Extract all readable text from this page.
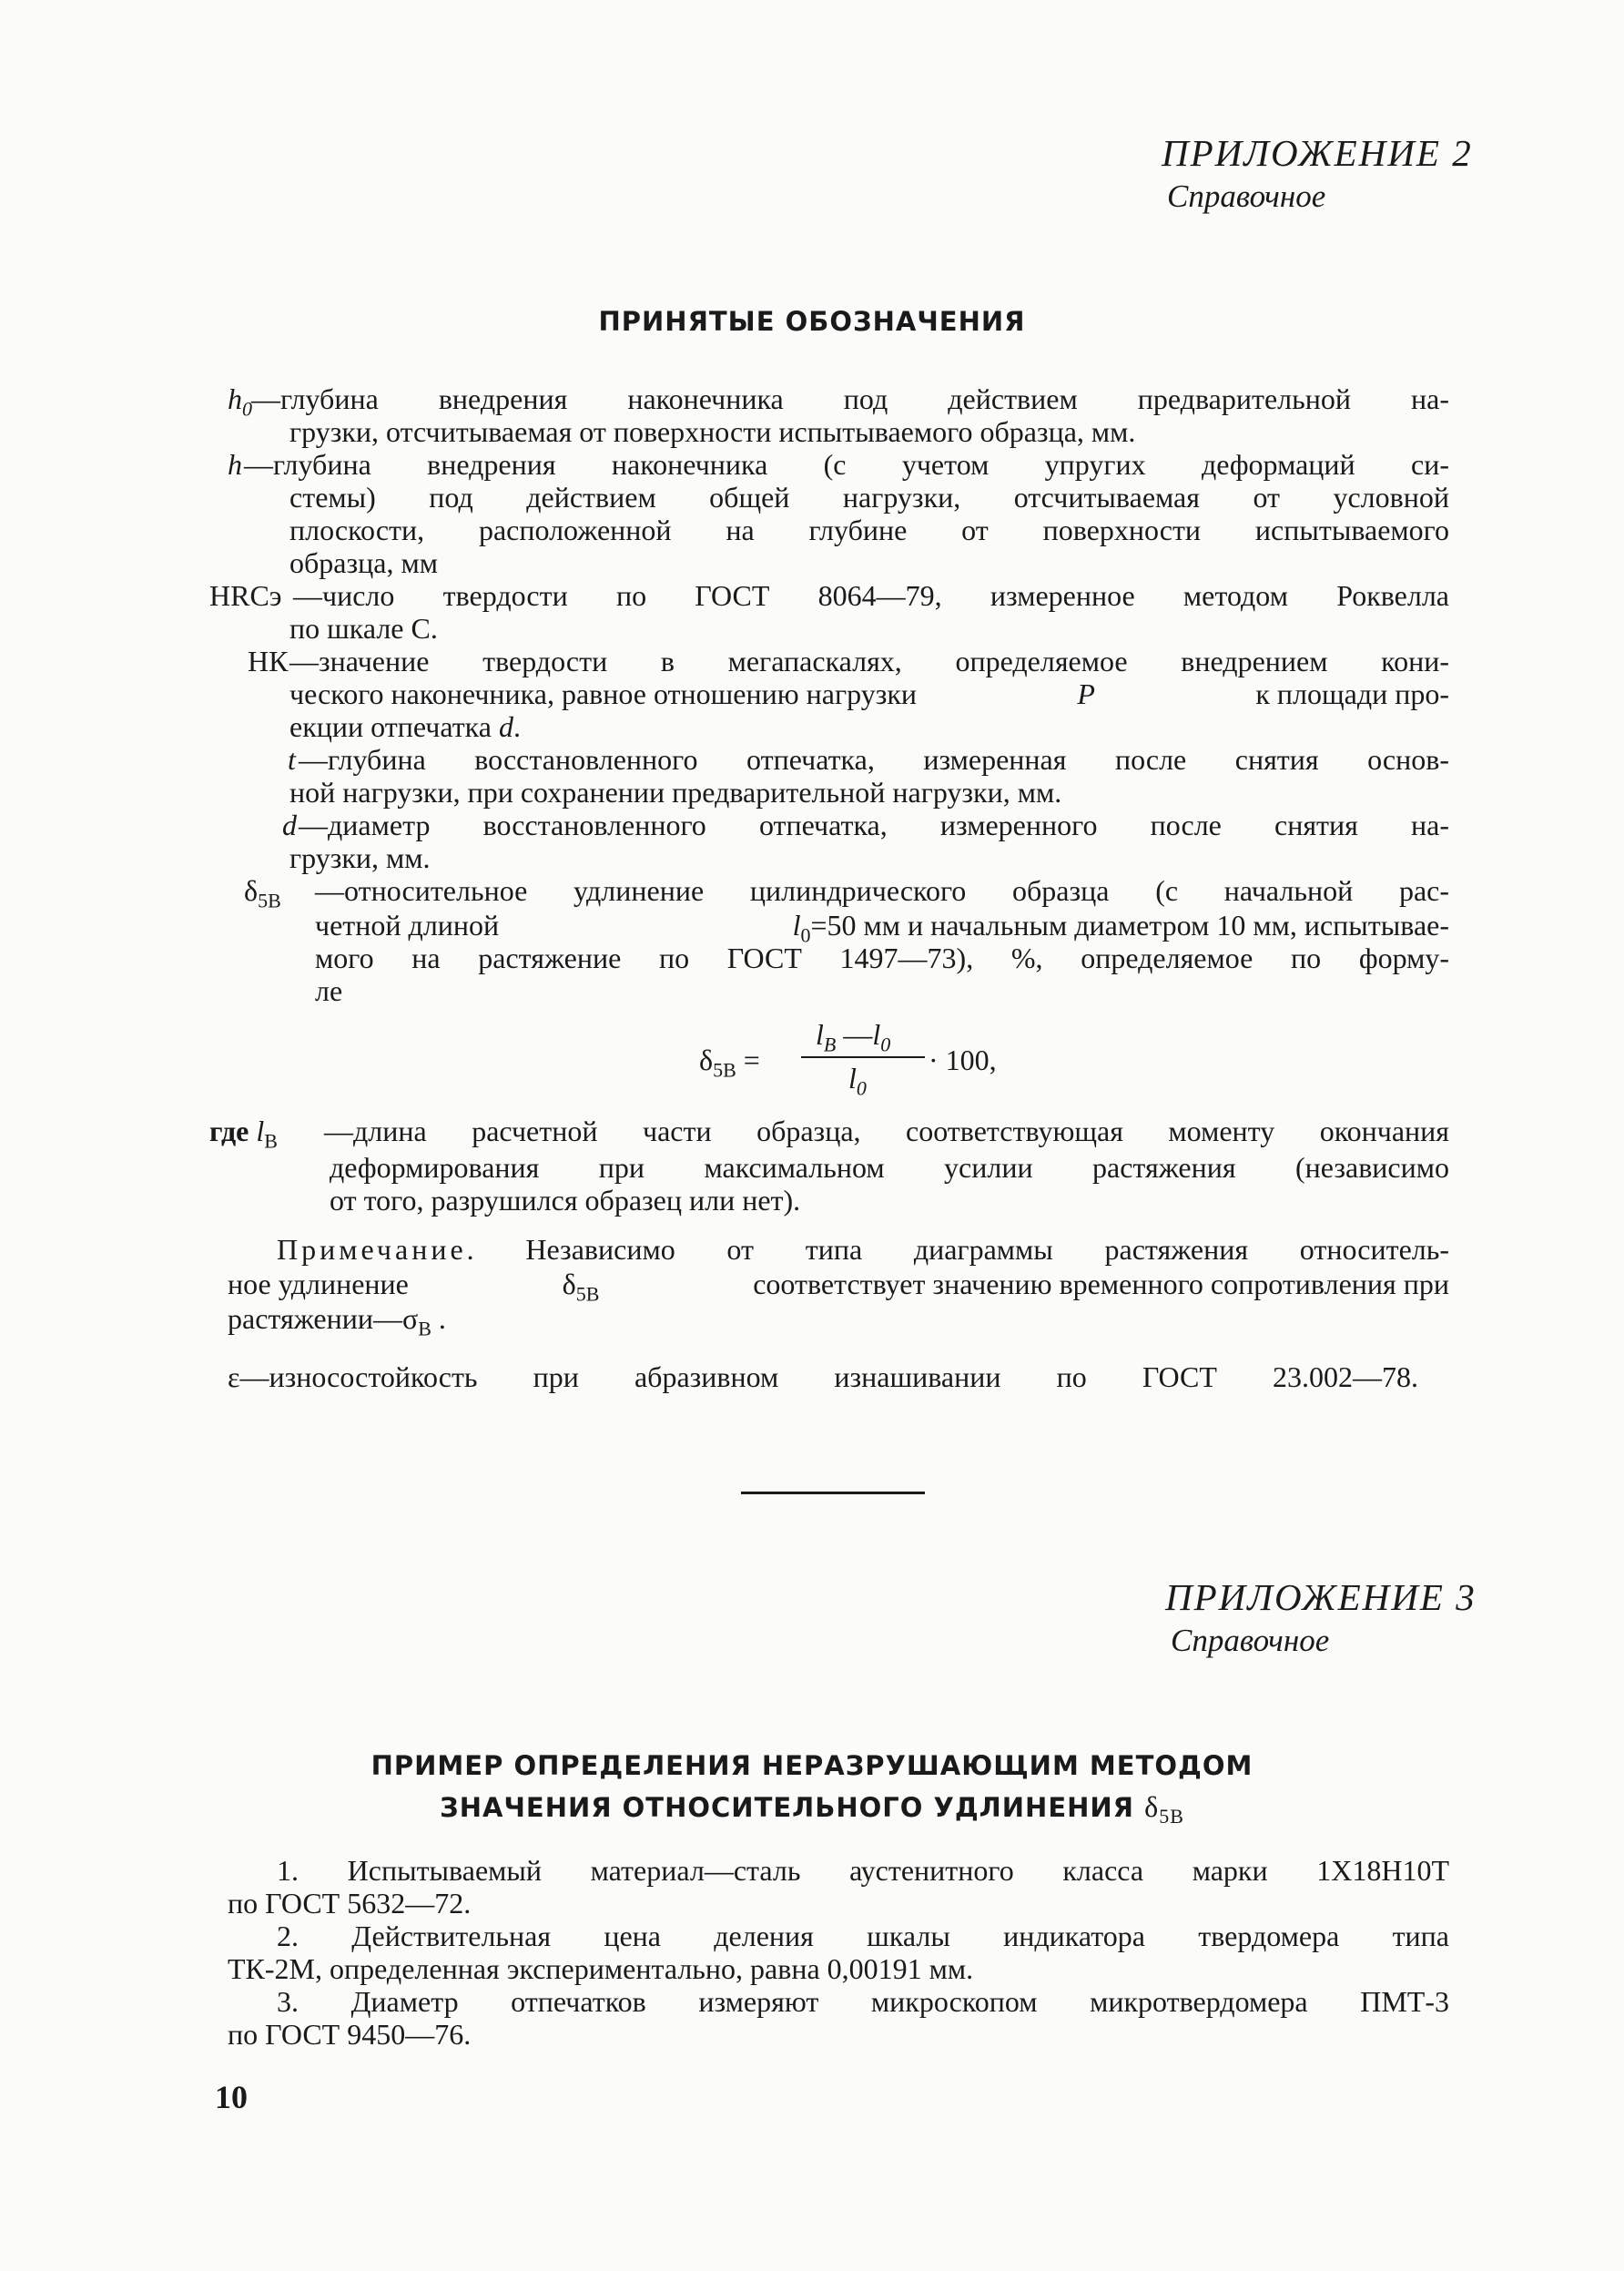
ПРИЛОЖЕНИЕ 2
Справочное
ПРИНЯТЫЕ ОБОЗНАЧЕНИЯ
$h_0$ —глубина внедрения наконечника под действием предварительной на-
грузки, отсчитываемая от поверхности испытываемого образца, мм.
h —глубина внедрения наконечника (с учетом упругих деформаций си-
стемы) под действием общей нагрузки, отсчитываемая от условной
плоскости, расположенной на глубине от поверхности испытываемого
образца, мм
HRCэ —число твердости по ГОСТ 8064—79, измеренное методом Роквелла
по шкале С.
НК —значение твердости в мегапаскалях, определяемое внедрением кони-
ческого наконечника, равное отношению нагрузки	P	к площади про-
екции отпечатка d.
t —глубина восстановленного отпечатка, измеренная после снятия основ-
ной нагрузки, при сохранении предварительной нагрузки, мм.
d —диаметр восстановленного отпечатка, измеренного после снятия на-
грузки, мм.
$\delta_{5В}$ —относительное удлинение цилиндрического образца (с начальной рас-
четной длиной	$l_0=50$ мм и начальным диаметром 10 мм, испытывае-
мого на растяжение по ГОСТ 1497—73), %, определяемое по форму-
ле
$\delta_{5В}$ =
$l_В$ $—l_0$
$l_0$
· 100,
где $l_В$ —длина расчетной части образца, соответствующая моменту окончания
деформирования при максимальном усилии растяжения (независимо
от того, разрушился образец или нет).
Примечание . Независимо от типа диаграммы растяжения относитель-
ное удлинение	$\delta_{5В}$	соответствует значению временного сопротивления при
$растяжении—\sigma_В$ .
ε—износостойкость при абразивном изнашивании по ГОСТ 23.002—78.
ПРИЛОЖЕНИЕ 3
Справочное
ПРИМЕР ОПРЕДЕЛЕНИЯ НЕРАЗРУШАЮЩИМ МЕТОДОМ
ЗНАЧЕНИЯ ОТНОСИТЕЛЬНОГО УДЛИНЕНИЯ $\delta_{5В}$
1. Испытываемый материал—сталь аустенитного класса марки 1Х18Н10Т
по ГОСТ 5632—72.
2. Действительная цена деления шкалы индикатора твердомера типа
ТК-2М, определенная экспериментально, равна 0,00191 мм.
3. Диаметр отпечатков измеряют микроскопом микротвердомера ПМТ-3
по ГОСТ 9450—76.
10
